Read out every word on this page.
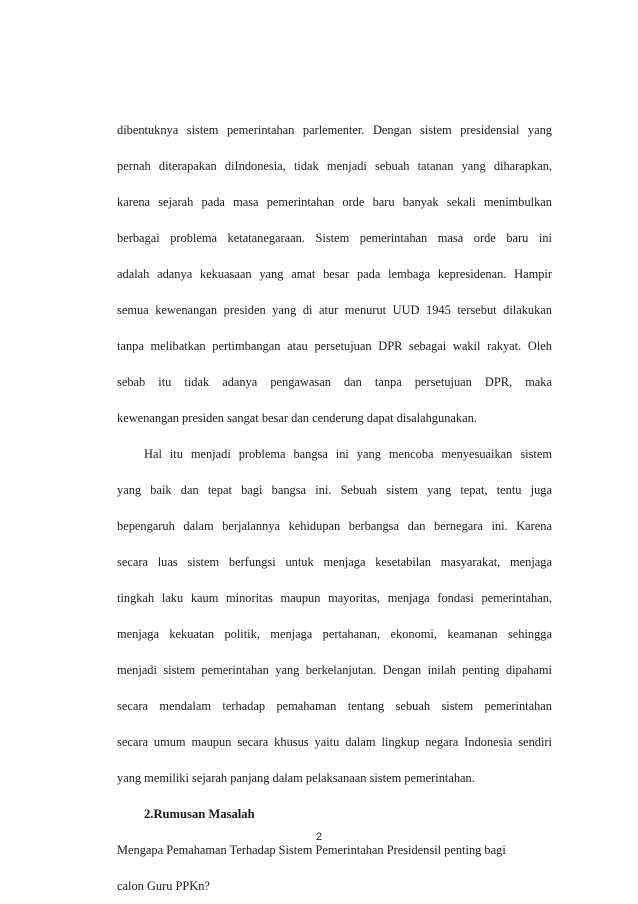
dibentuknya sistem pemerintahan parlementer. Dengan sistem presidensial yang
pernah diterapakan diIndonesia, tidak menjadi sebuah tatanan yang diharapkan,
karena sejarah pada masa pemerintahan orde baru banyak sekali menimbulkan
berbagai problema ketatanegaraan. Sistem pemerintahan masa orde baru ini
adalah adanya kekuasaan yang amat besar pada lembaga kepresidenan. Hampir
semua kewenangan presiden yang di atur menurut UUD 1945 tersebut dilakukan
tanpa melibatkan pertimbangan atau persetujuan DPR sebagai wakil rakyat. Oleh
sebab itu tidak adanya pengawasan dan tanpa persetujuan DPR, maka
kewenangan presiden sangat besar dan cenderung dapat disalahgunakan.
Hal itu menjadi problema bangsa ini yang mencoba menyesuaikan sistem
yang baik dan tepat bagi bangsa ini. Sebuah sistem yang tepat, tentu juga
bepengaruh dalam berjalannya kehidupan berbangsa dan bernegara ini. Karena
secara luas sistem berfungsi untuk menjaga kesetabilan masyarakat, menjaga
tingkah laku kaum minoritas maupun mayoritas, menjaga fondasi pemerintahan,
menjaga kekuatan politik, menjaga pertahanan, ekonomi, keamanan sehingga
menjadi sistem pemerintahan yang berkelanjutan. Dengan inilah penting dipahami
secara mendalam terhadap pemahaman tentang sebuah sistem pemerintahan
secara umum maupun secara khusus yaitu dalam lingkup negara Indonesia sendiri
yang memiliki sejarah panjang dalam pelaksanaan sistem pemerintahan.
2.Rumusan Masalah
Mengapa Pemahaman Terhadap Sistem Pemerintahan Presidensil penting bagi
calon Guru PPKn?
2
